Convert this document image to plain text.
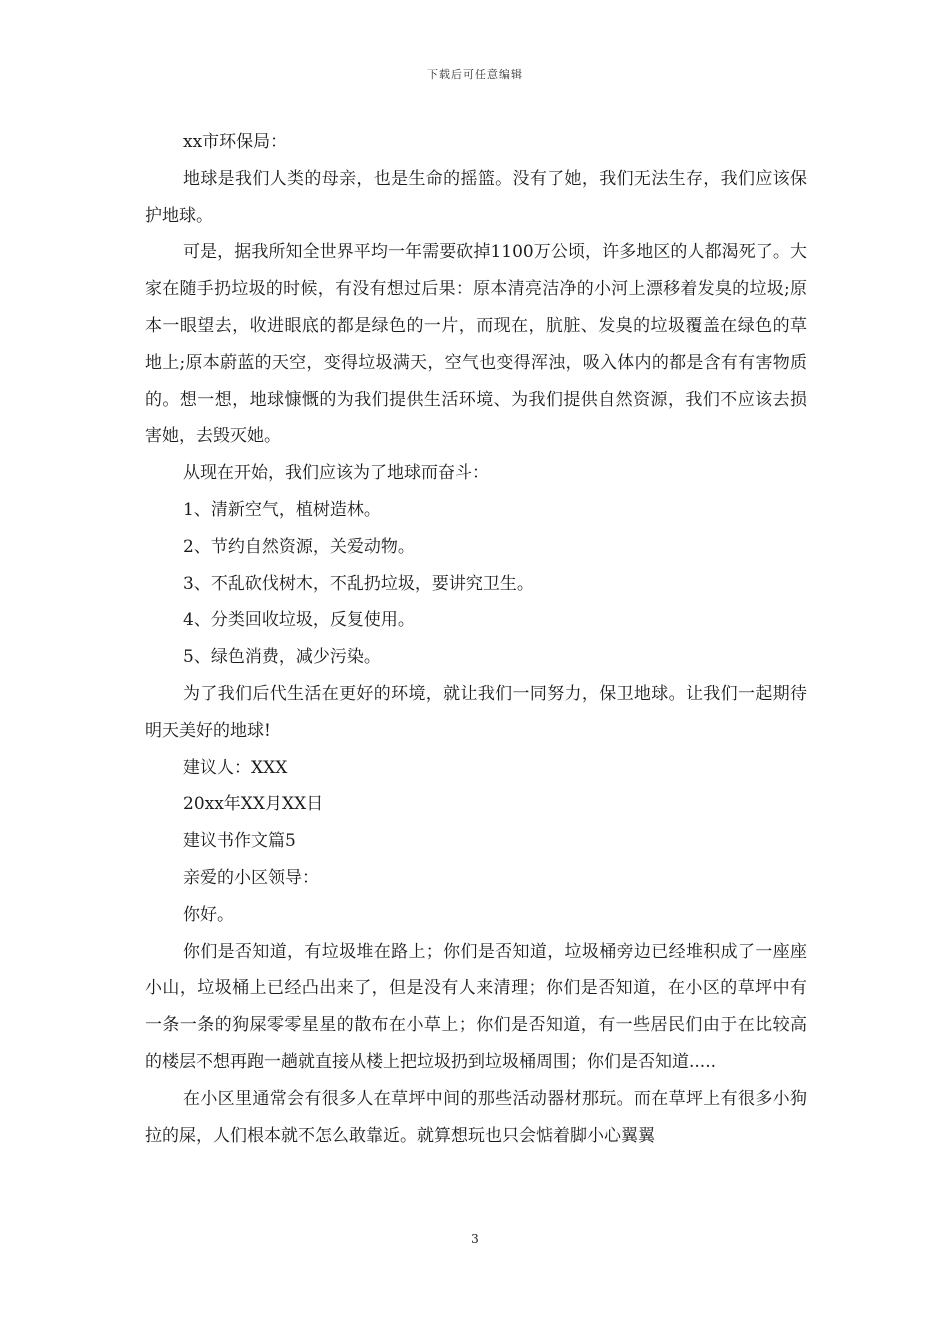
下载后可任意编辑

xx市环保局：

地球是我们人类的母亲，也是生命的摇篮。没有了她，我们无法生存，我们应该保护地球。

可是，据我所知全世界平均一年需要砍掉1100万公顷，许多地区的人都渴死了。大家在随手扔垃圾的时候，有没有想过后果：原本清亮洁净的小河上漂移着发臭的垃圾;原本一眼望去，收进眼底的都是绿色的一片，而现在，肮脏、发臭的垃圾覆盖在绿色的草地上;原本蔚蓝的天空，变得垃圾满天，空气也变得浑浊，吸入体内的都是含有有害物质的。想一想，地球慷慨的为我们提供生活环境、为我们提供自然资源，我们不应该去损害她，去毁灭她。

从现在开始，我们应该为了地球而奋斗：

1、清新空气，植树造林。

2、节约自然资源，关爱动物。

3、不乱砍伐树木，不乱扔垃圾，要讲究卫生。

4、分类回收垃圾，反复使用。

5、绿色消费，减少污染。

为了我们后代生活在更好的环境，就让我们一同努力，保卫地球。让我们一起期待明天美好的地球!

建议人：XXX

20xx年XX月XX日

建议书作文篇5

亲爱的小区领导：

你好。

你们是否知道，有垃圾堆在路上；你们是否知道，垃圾桶旁边已经堆积成了一座座小山，垃圾桶上已经凸出来了，但是没有人来清理；你们是否知道，在小区的草坪中有一条一条的狗屎零零星星的散布在小草上；你们是否知道，有一些居民们由于在比较高的楼层不想再跑一趟就直接从楼上把垃圾扔到垃圾桶周围；你们是否知道.....

在小区里通常会有很多人在草坪中间的那些活动器材那玩。而在草坪上有很多小狗拉的屎，人们根本就不怎么敢靠近。就算想玩也只会惦着脚小心翼翼

3
